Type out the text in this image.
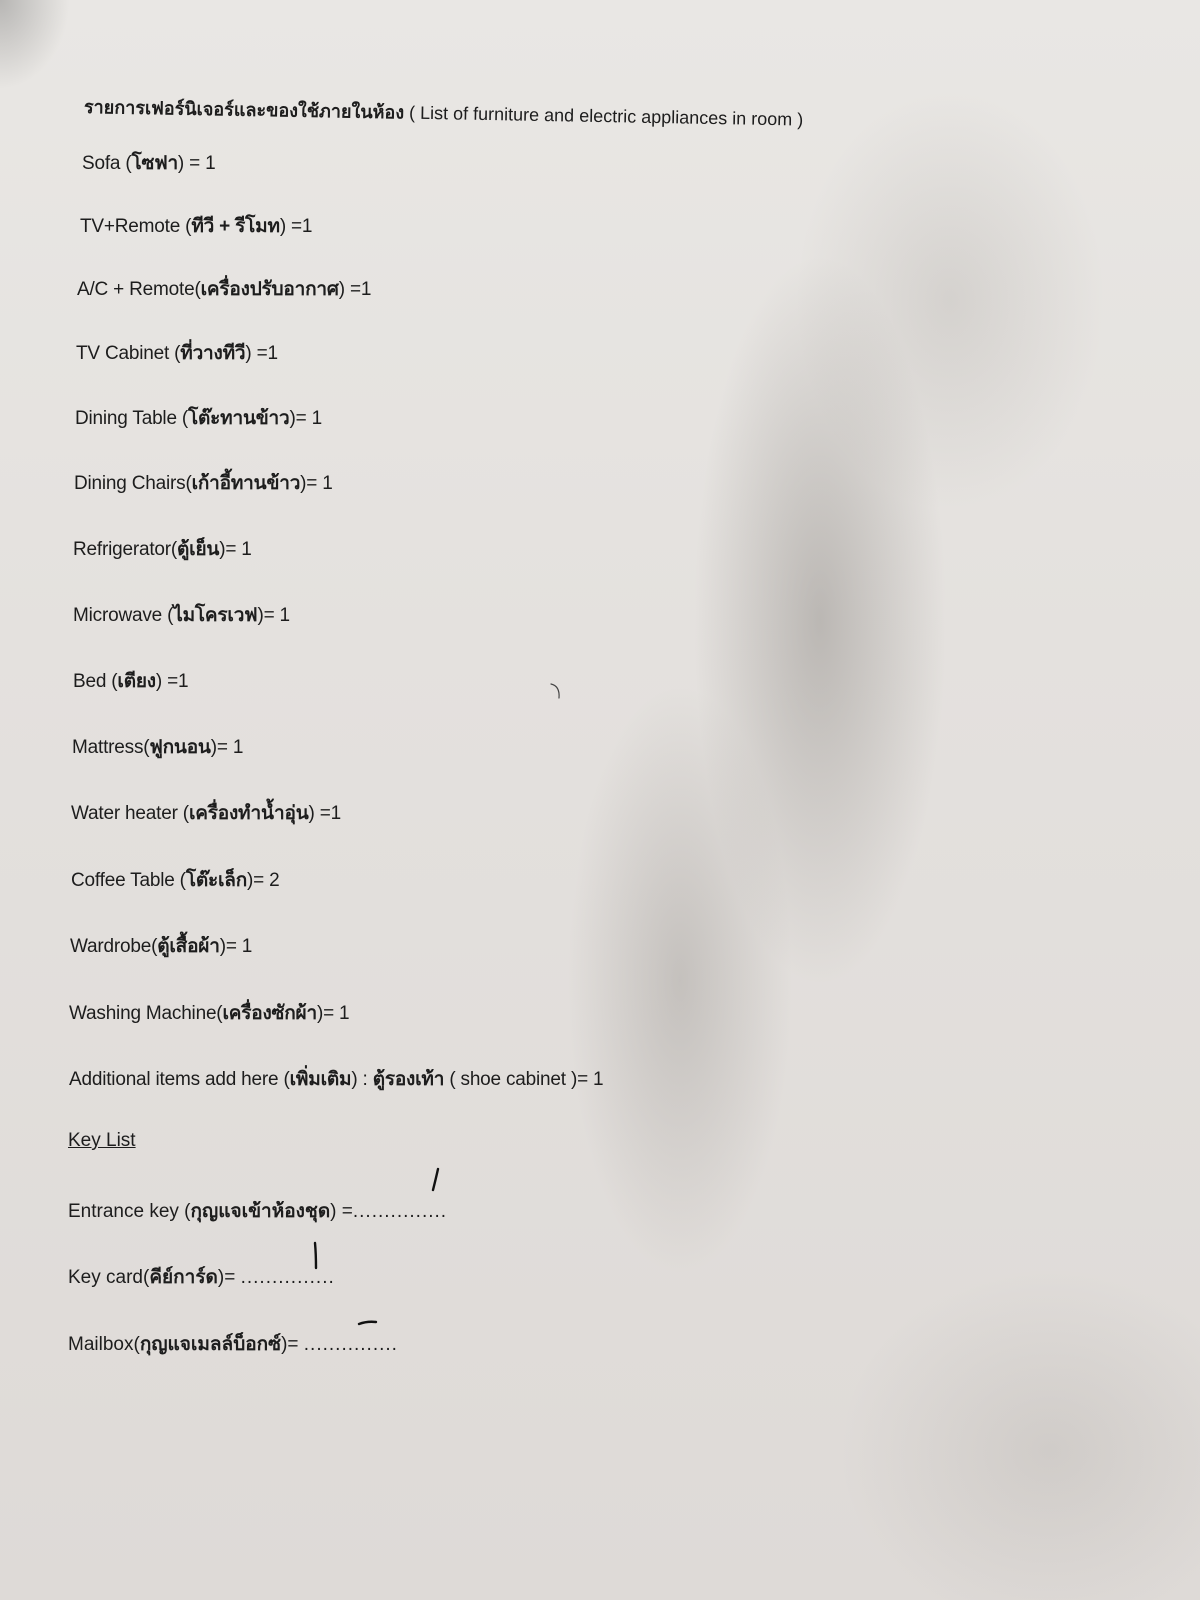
รายการเฟอร์นิเจอร์และของใช้ภายในห้อง ( List of furniture and electric appliances in room )
Sofa (โซฟา) = 1
TV+Remote (ทีวี + รีโมท) =1
A/C + Remote(เครื่องปรับอากาศ) =1
TV Cabinet (ที่วางทีวี) =1
Dining Table (โต๊ะทานข้าว)= 1
Dining Chairs(เก้าอี้ทานข้าว)= 1
Refrigerator(ตู้เย็น)= 1
Microwave (ไมโครเวฟ)= 1
Bed (เตียง) =1
Mattress(ฟูกนอน)= 1
Water heater (เครื่องทำน้ำอุ่น) =1
Coffee Table (โต๊ะเล็ก)= 2
Wardrobe(ตู้เสื้อผ้า)= 1
Washing Machine(เครื่องซักผ้า)= 1
Additional items add here (เพิ่มเติม) : ตู้รองเท้า ( shoe cabinet )= 1
Key List
Entrance key (กุญแจเข้าห้องชุด) =...............
Key card(คีย์การ์ด)= ...............
Mailbox(กุญแจเมลล์บ็อกซ์)= ...............
